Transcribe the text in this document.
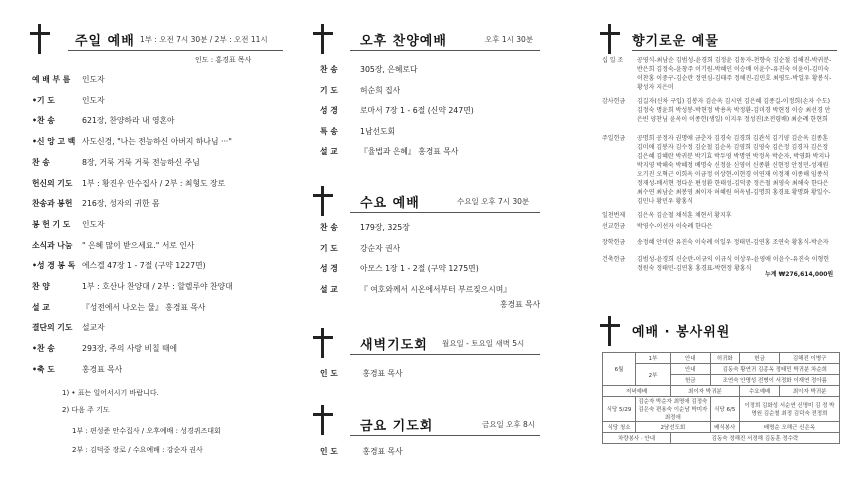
주일 예배 1부 : 오전 7시 30분 / 2부 : 오전 11시
인도 : 홍경표 목사
예 배 부 름 인도자
•기 도	인도자
•찬 송	621장, 찬양하라 내 영혼아
•신 앙 고 백 사도신경, "나는 전능하신 아버지 하나님 ···"
찬 송	8장, 거룩 거룩 거룩 전능하신 주님
헌신의 기도 1부 : 황진우 안수집사 / 2부 : 최형도 장로
찬송과 봉헌 216장, 성자의 귀한 몸
봉 헌 기 도 인도자
소식과 나눔 " 은혜 많이 받으세요." 서로 인사
•성 경 봉 독 에스겔 47장 1 - 7절 (구약 1227면)
찬 양	1부 : 호산나 찬양대 / 2부 : 할렐루야 찬양대
설 교	『성전에서 나오는 물』 홍경표 목사
결단의 기도 설교자
•찬 송	293장, 주의 사랑 비칠 때에
•축 도	홍경표 목사
1) • 표는 일어서시기 바랍니다.
2) 다음 주 기도
1부 : 편성준 안수집사 / 오후예배 : 성경퀴즈대회
2부 : 김덕중 장로 / 수요예배 : 강순자 권사
오후 찬양예배	오후 1시 30분
찬 송	305장, 은혜로다
기 도	허순희 집사
성 경	로마서 7장 1 - 6절 (신약 247면)
특 송	1남선도회
설 교	『율법과 은혜』 홍경표 목사
수요 예배	수요일 오후 7시 30분
찬 송	179장, 325장
기 도	강순자 권사
성 경	아모스 1장 1 - 2절 (구약 1275면)
설 교	『 여호와께서 시온에서부터 부르짖으시며』
홍경표 목사
새벽기도회 월요일 - 토요일 새벽 5시
인 도	홍경표 목사
금요 기도회	금요일 오후 8시
인 도	홍경표 목사
향기로운 예물
십 일 조	공영식-최남순 김범성-윤경희 김정윤 김동자-천향숙 김순철 김해진-박귀분-반은희 김정숙-윤창주 이기원-박혜인 이승배 이윤수-유진숙 이윤이-김미숙 이찬홍 이중구-김순란 정연심-김태주 정해진-김민호 최평도-박일우 황봉식-황성자 지은미
감사헌금	김길자(신차 구입) 김봉자 김순옥 김시연 김은혜 김종길-이정희(손자 수도) 김정숙 명윤희 박성봉-박현정 박용옥 박정환-김미경 박현정 이승 최선경 안은빈 양찬님 윤옥이 이종헌(생일) 이지우 정성진(초전령배) 최순례 한현희
주일헌금	공명희 공정자 권명애 금춘자 김경숙 김경희 김관석 김기양 김순옥 김종훈 김미애 김봉자 김수정 김순철 김순옥 김영희 김영숙 김은정 김경자 김은정 김은혜 김혜란 박귀분 박기효 박두영 박명연 박정옥 박순자, 박영화 박지나 박지영 박해숙 박혜정 배명숙 신정윤 신영이 신종환 신현정 안정민-성재원 오기진 오혁근 이희옥 이금정 이상현-이현경 이연재 이정재 이종해 임종석 정재성-배서현 정다운 편성환 한태성-김덕중 정은철 최영숙 최해숙 한다은 최수연 최남순 최봉영 최이자 허혜원 허옥념-김명희 홍경표 황명화 황일수-김민나 황민우 황홍식
일천번제	김은옥 김순철 채석훈 채현서 황지후
선교헌금	박영수-이선자 이숙례 한다은
장학헌금	송정혜 안미란 유진숙 이숙례 이일우 정태민-김연홍 조연숙 황홍식-박순자
건축헌금	김범성-윤경희 신순란-이규익 이규식 이상우-윤영애 이윤수-유진숙 이형헌 정원숙 정태민-김연홍 홍경표-박현정 황홍식
누계 ₩276,614,000원
예배 · 봉사위원
6월	1부	안내	허귀화	헌금	김해진 이병구
	2부	안내	김동숙 황연귀 김종옥 정태민 박귀분 차순희		
		헌금	조연숙 안명성 전병이 서정화 이재연 정아름		
저녁예배		최이자 박귀분		수요예배	최이자 박귀분
식당 5/29	김순자 박순자 최명애 김정숙 김은숙 편용숙 이순남 박미자 최정애		식당 6/5	이정희 김화성 서순연 신명미 김 정 박명원 김순철 최정 김덕숙 전정희	
식당 청소	2남선도회		배식봉사	배명순 오해근 신은옥	
차량봉사 · 안내		김동숙 정해진 서정해 김동훈 정수락			
